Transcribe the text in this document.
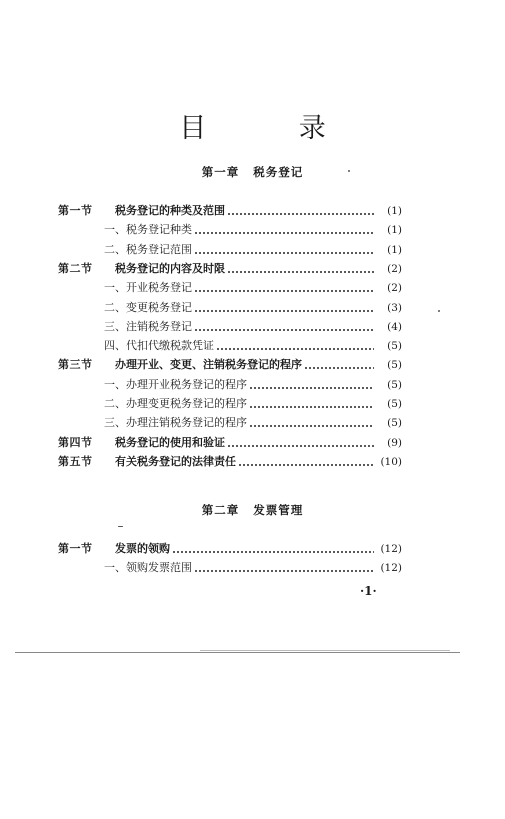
目 录
第一章 税务登记
第二章 发票管理
第一节 税务登记的种类及范围	(1)
一、税务登记种类	(1)
二、税务登记范围	(1)
第二节 税务登记的内容及时限	(2)
一、开业税务登记	(2)
二、变更税务登记	(3)
三、注销税务登记	(4)
四、代扣代缴税款凭证	(5)
第三节 办理开业、变更、注销税务登记的程序	(5)
一、办理开业税务登记的程序	(5)
二、办理变更税务登记的程序	(5)
三、办理注销税务登记的程序	(5)
第四节 税务登记的使用和验证	(9)
第五节 有关税务登记的法律责任	(10)
第一节 发票的领购	(12)
一、领购发票范围	(12)
·1·
